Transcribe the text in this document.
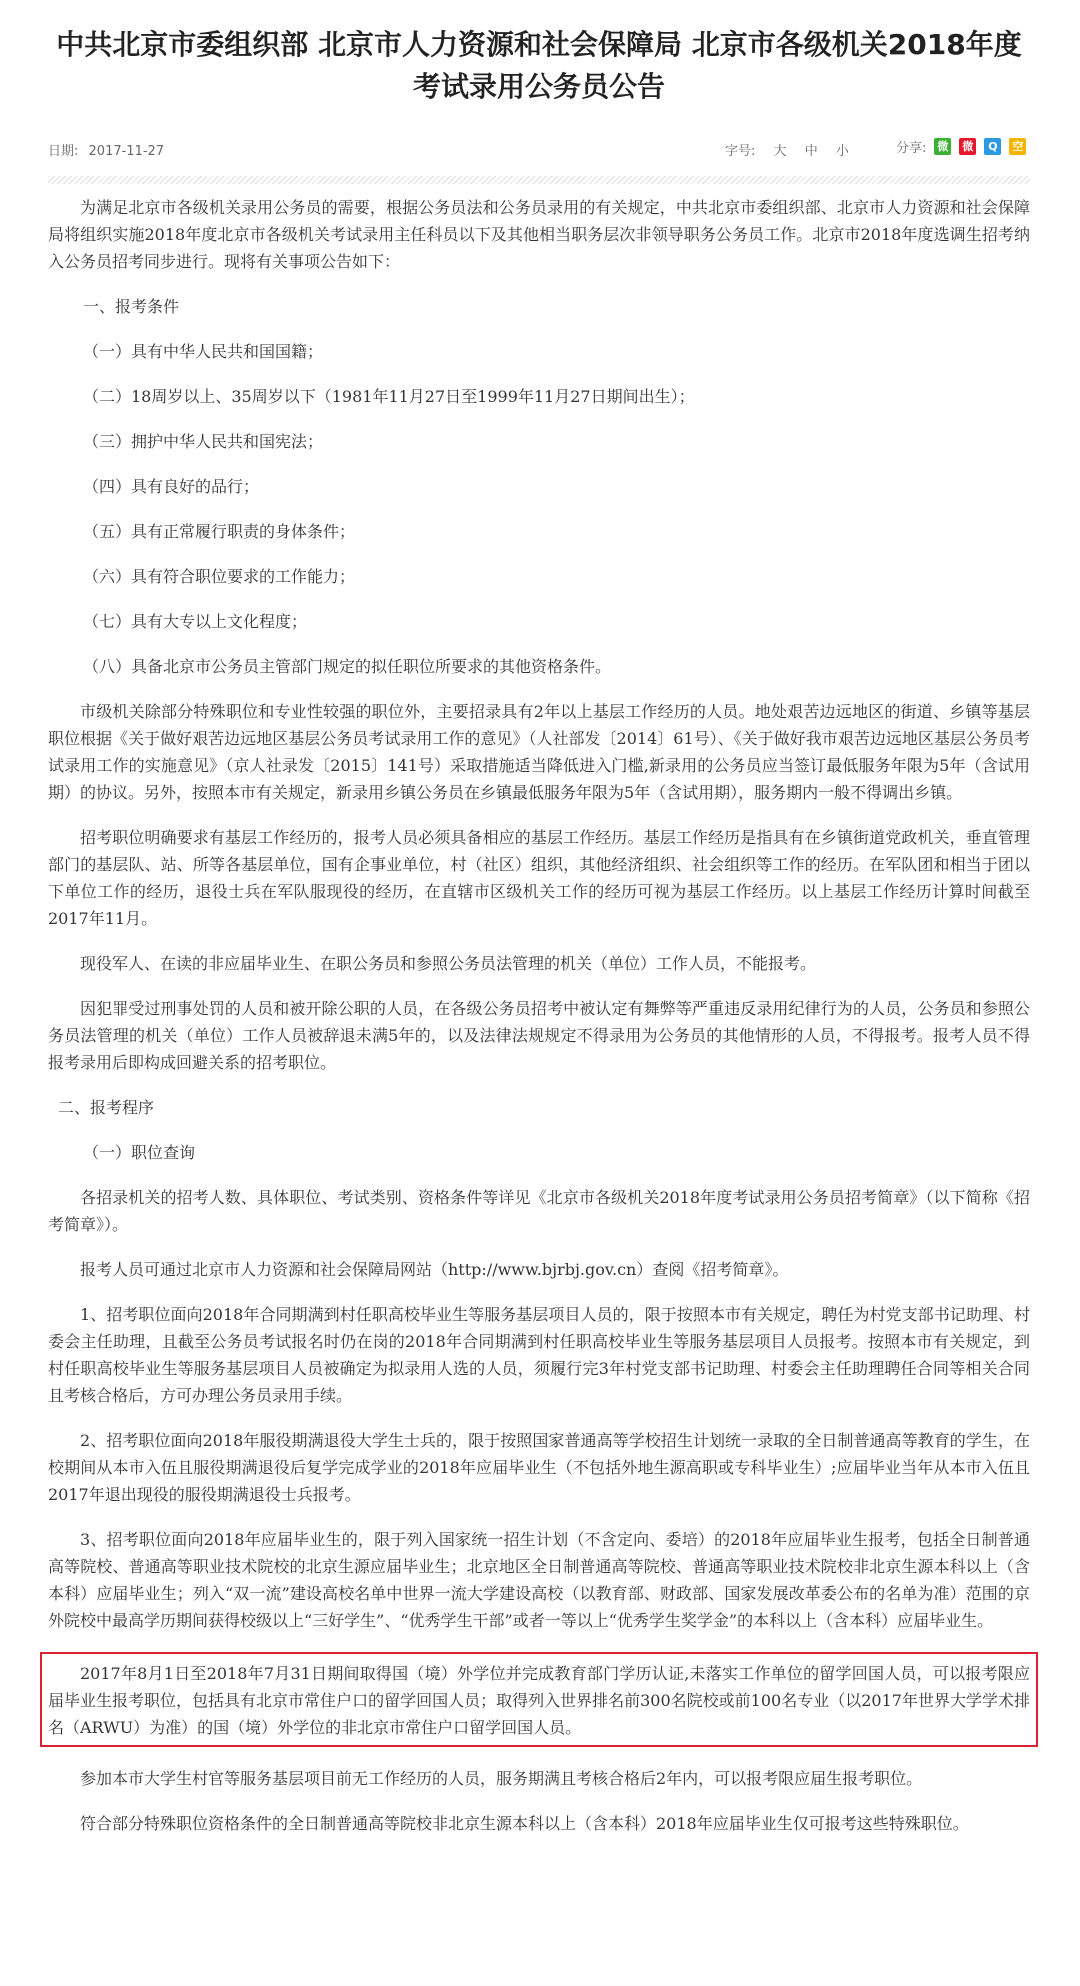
中共北京市委组织部 北京市人力资源和社会保障局 北京市各级机关2018年度考试录用公务员公告
日期: 2017-11-27	字号: 大 中 小	分享:	微 微 Q 空

为满足北京市各级机关录用公务员的需要，根据公务员法和公务员录用的有关规定，中共北京市委组织部、北京市人力资源和社会保障局将组织实施2018年度北京市各级机关考试录用主任科员以下及其他相当职务层次非领导职务公务员工作。北京市2018年度选调生招考纳入公务员招考同步进行。现将有关事项公告如下：

一、报考条件

（一）具有中华人民共和国国籍；

（二）18周岁以上、35周岁以下（1981年11月27日至1999年11月27日期间出生）；

（三）拥护中华人民共和国宪法；

（四）具有良好的品行；

（五）具有正常履行职责的身体条件；

（六）具有符合职位要求的工作能力；

（七）具有大专以上文化程度；

（八）具备北京市公务员主管部门规定的拟任职位所要求的其他资格条件。

市级机关除部分特殊职位和专业性较强的职位外，主要招录具有2年以上基层工作经历的人员。地处艰苦边远地区的街道、乡镇等基层职位根据《关于做好艰苦边远地区基层公务员考试录用工作的意见》（人社部发〔2014〕61号）、《关于做好我市艰苦边远地区基层公务员考试录用工作的实施意见》（京人社录发〔2015〕141号）采取措施适当降低进入门槛,新录用的公务员应当签订最低服务年限为5年（含试用期）的协议。另外，按照本市有关规定，新录用乡镇公务员在乡镇最低服务年限为5年（含试用期），服务期内一般不得调出乡镇。

招考职位明确要求有基层工作经历的，报考人员必须具备相应的基层工作经历。基层工作经历是指具有在乡镇街道党政机关，垂直管理部门的基层队、站、所等各基层单位，国有企事业单位，村（社区）组织，其他经济组织、社会组织等工作的经历。在军队团和相当于团以下单位工作的经历，退役士兵在军队服现役的经历，在直辖市区级机关工作的经历可视为基层工作经历。以上基层工作经历计算时间截至2017年11月。

现役军人、在读的非应届毕业生、在职公务员和参照公务员法管理的机关（单位）工作人员，不能报考。

因犯罪受过刑事处罚的人员和被开除公职的人员，在各级公务员招考中被认定有舞弊等严重违反录用纪律行为的人员，公务员和参照公务员法管理的机关（单位）工作人员被辞退未满5年的，以及法律法规规定不得录用为公务员的其他情形的人员，不得报考。报考人员不得报考录用后即构成回避关系的招考职位。

二、报考程序

（一）职位查询

各招录机关的招考人数、具体职位、考试类别、资格条件等详见《北京市各级机关2018年度考试录用公务员招考简章》（以下简称《招考简章》）。

报考人员可通过北京市人力资源和社会保障局网站（http://www.bjrbj.gov.cn）查阅《招考简章》。

1、招考职位面向2018年合同期满到村任职高校毕业生等服务基层项目人员的，限于按照本市有关规定，聘任为村党支部书记助理、村委会主任助理，且截至公务员考试报名时仍在岗的2018年合同期满到村任职高校毕业生等服务基层项目人员报考。按照本市有关规定，到村任职高校毕业生等服务基层项目人员被确定为拟录用人选的人员，须履行完3年村党支部书记助理、村委会主任助理聘任合同等相关合同且考核合格后，方可办理公务员录用手续。

2、招考职位面向2018年服役期满退役大学生士兵的，限于按照国家普通高等学校招生计划统一录取的全日制普通高等教育的学生，在校期间从本市入伍且服役期满退役后复学完成学业的2018年应届毕业生（不包括外地生源高职或专科毕业生）;应届毕业当年从本市入伍且2017年退出现役的服役期满退役士兵报考。

3、招考职位面向2018年应届毕业生的，限于列入国家统一招生计划（不含定向、委培）的2018年应届毕业生报考，包括全日制普通高等院校、普通高等职业技术院校的北京生源应届毕业生；北京地区全日制普通高等院校、普通高等职业技术院校非北京生源本科以上（含本科）应届毕业生；列入“双一流”建设高校名单中世界一流大学建设高校（以教育部、财政部、国家发展改革委公布的名单为准）范围的京外院校中最高学历期间获得校级以上“三好学生”、“优秀学生干部”或者一等以上“优秀学生奖学金”的本科以上（含本科）应届毕业生。

2017年8月1日至2018年7月31日期间取得国（境）外学位并完成教育部门学历认证,未落实工作单位的留学回国人员，可以报考限应届毕业生报考职位，包括具有北京市常住户口的留学回国人员；取得列入世界排名前300名院校或前100名专业（以2017年世界大学学术排名（ARWU）为准）的国（境）外学位的非北京市常住户口留学回国人员。

参加本市大学生村官等服务基层项目前无工作经历的人员，服务期满且考核合格后2年内，可以报考限应届生报考职位。

符合部分特殊职位资格条件的全日制普通高等院校非北京生源本科以上（含本科）2018年应届毕业生仅可报考这些特殊职位。
